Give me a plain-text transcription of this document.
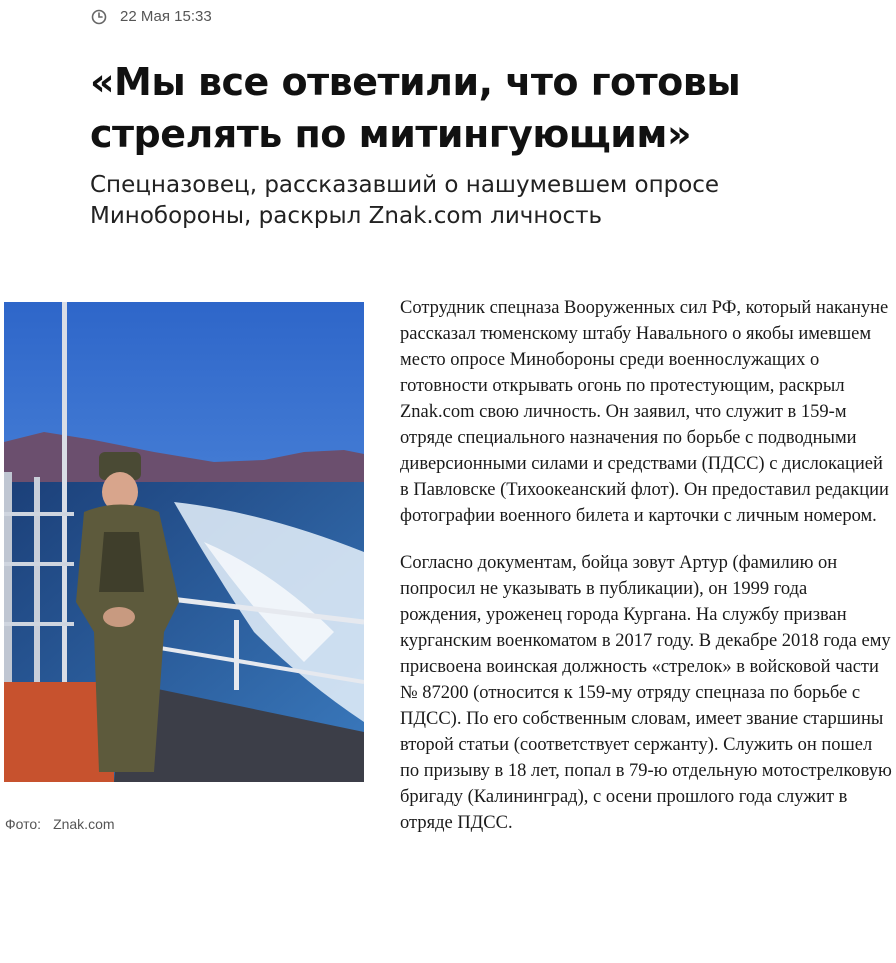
22 Мая 15:33
«Мы все ответили, что готовы стрелять по митингующим»
Спецназовец, рассказавший о нашумевшем опросе Минобороны, раскрыл Znak.com личность
Фото: Znak.com

Сотрудник спецназа Вооруженных сил РФ, который накануне рассказал тюменскому штабу Навального о якобы имевшем место опросе Минобороны среди военнослужащих о готовности открывать огонь по протестующим, раскрыл Znak.com свою личность. Он заявил, что служит в 159-м отряде специального назначения по борьбе с подводными диверсионными силами и средствами (ПДСС) с дислокацией в Павловске (Тихоокеанский флот). Он предоставил редакции фотографии военного билета и карточки с личным номером.

Согласно документам, бойца зовут Артур (фамилию он попросил не указывать в публикации), он 1999 года рождения, уроженец города Кургана. На службу призван курганским военкоматом в 2017 году. В декабре 2018 года ему присвоена воинская должность «стрелок» в войсковой части № 87200 (относится к 159-му отряду спецназа по борьбе с ПДСС). По его собственным словам, имеет звание старшины второй статьи (соответствует сержанту). Служить он пошел по призыву в 18 лет, попал в 79-ю отдельную мотострелковую бригаду (Калининград), с осени прошлого года служит в отряде ПДСС.
